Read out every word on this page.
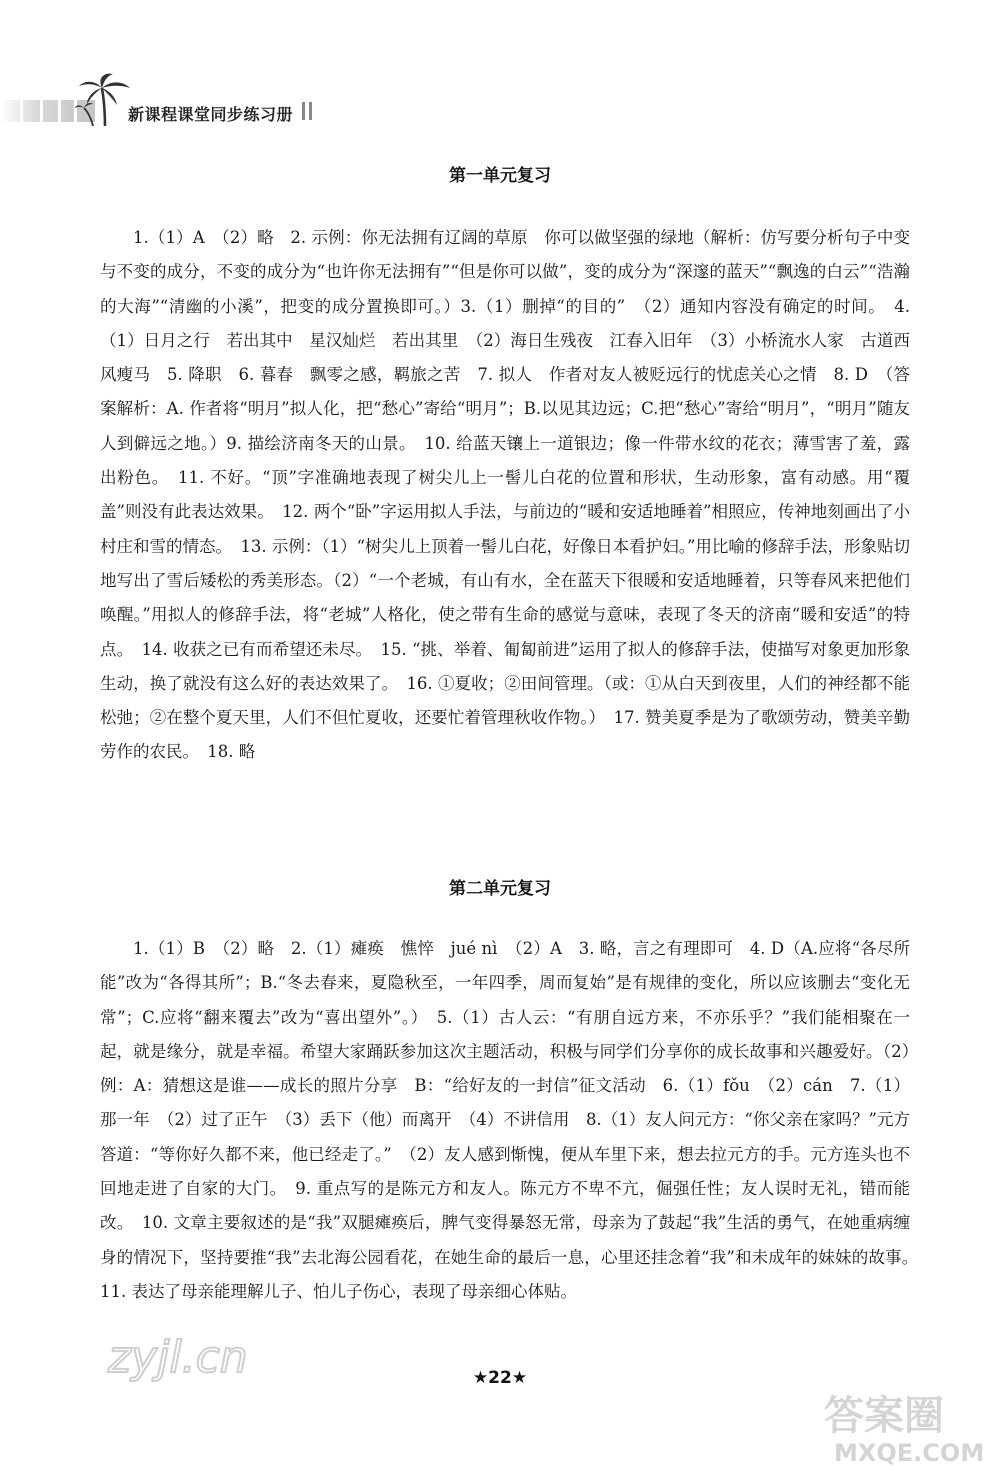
新课程课堂同步练习册
第一单元复习

1.（1）A　（2）略　2. 示例：你无法拥有辽阔的草原　你可以做坚强的绿地（解析：仿写要分析句子中变与不变的成分，不变的成分为“也许你无法拥有”“但是你可以做”，变的成分为“深邃的蓝天”“飘逸的白云”“浩瀚的大海”“清幽的小溪”，把变的成分置换即可。）3.（1）删掉“的目的”　（2）通知内容没有确定的时间。　4.（1）日月之行　若出其中　星汉灿烂　若出其里　（2）海日生残夜　江春入旧年　（3）小桥流水人家　古道西风瘦马　5. 降职　6. 暮春　飘零之感，羁旅之苦　7. 拟人　作者对友人被贬远行的忧虑关心之情　8. D　（答案解析：A. 作者将“明月”拟人化，把“愁心”寄给“明月”；B.以见其边远；C.把“愁心”寄给“明月”，“明月”随友人到僻远之地。）9. 描绘济南冬天的山景。　10. 给蓝天镶上一道银边；像一件带水纹的花衣；薄雪害了羞，露出粉色。　11. 不好。“顶”字准确地表现了树尖儿上一髻儿白花的位置和形状，生动形象，富有动感。用“覆盖”则没有此表达效果。　12. 两个“卧”字运用拟人手法，与前边的“暖和安适地睡着”相照应，传神地刻画出了小村庄和雪的情态。　13. 示例：（1）“树尖儿上顶着一髻儿白花，好像日本看护妇。”用比喻的修辞手法，形象贴切地写出了雪后矮松的秀美形态。（2）“一个老城，有山有水，全在蓝天下很暖和安适地睡着，只等春风来把他们唤醒。”用拟人的修辞手法，将“老城”人格化，使之带有生命的感觉与意味，表现了冬天的济南“暖和安适”的特点。　14. 收获之已有而希望还未尽。　15. “挑、举着、匍匐前进”运用了拟人的修辞手法，使描写对象更加形象生动，换了就没有这么好的表达效果了。　16. ①夏收；②田间管理。（或：①从白天到夜里，人们的神经都不能松弛；②在整个夏天里，人们不但忙夏收，还要忙着管理秋收作物。）　17. 赞美夏季是为了歌颂劳动，赞美辛勤劳作的农民。　18. 略

第二单元复习

1.（1）B　（2）略　2.（1）瘫痪　憔悴　jué nì　（2）A　3. 略，言之有理即可　4. D（A.应将“各尽所能”改为“各得其所”；B.“冬去春来，夏隐秋至，一年四季，周而复始”是有规律的变化，所以应该删去“变化无常”；C.应将“翻来覆去”改为“喜出望外”。）　5.（1）古人云：“有朋自远方来，不亦乐乎？”我们能相聚在一起，就是缘分，就是幸福。希望大家踊跃参加这次主题活动，积极与同学们分享你的成长故事和兴趣爱好。（2）例：A：猜想这是谁——成长的照片分享　B：“给好友的一封信”征文活动　6.（1）fǒu　（2）cán　7.（1）那一年　（2）过了正午　（3）丢下（他）而离开　（4）不讲信用　8.（1）友人问元方：“你父亲在家吗？”元方答道：“等你好久都不来，他已经走了。”　（2）友人感到惭愧，便从车里下来，想去拉元方的手。元方连头也不回地走进了自家的大门。　9. 重点写的是陈元方和友人。陈元方不卑不亢，倔强任性；友人误时无礼，错而能改。　10. 文章主要叙述的是“我”双腿瘫痪后，脾气变得暴怒无常，母亲为了鼓起“我”生活的勇气，在她重病缠身的情况下，坚持要推“我”去北海公园看花，在她生命的最后一息，心里还挂念着“我”和未成年的妹妹的故事。　11. 表达了母亲能理解儿子、怕儿子伤心，表现了母亲细心体贴。

★22★
zyjl.cn
答案圈
MXQE.COM
